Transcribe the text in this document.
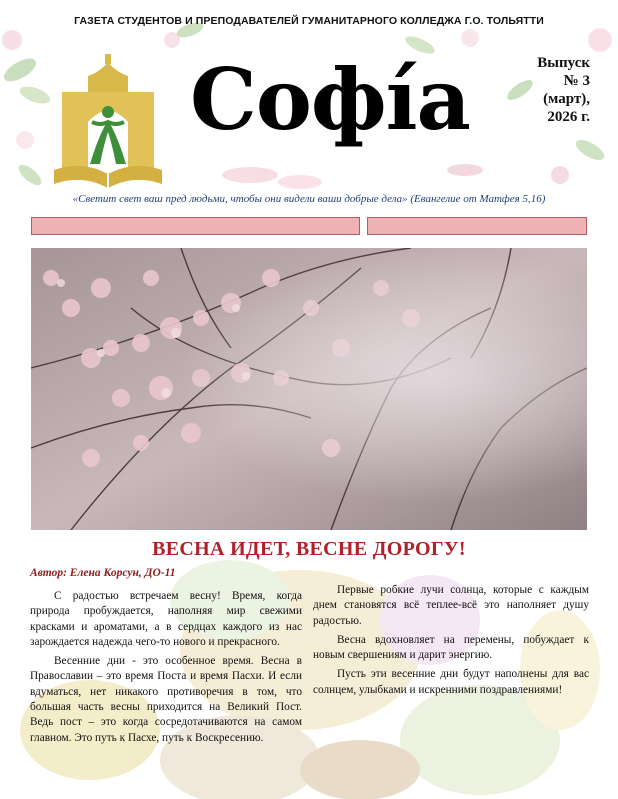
ГАЗЕТА СТУДЕНТОВ И ПРЕПОДАВАТЕЛЕЙ ГУМАНИТАРНОГО КОЛЛЕДЖА Г.О. ТОЛЬЯТТИ
Софíа	Выпуск
№ 3
(март),
2026 г.
«Светит свет ваш пред людьми, чтобы они видели ваши добрые дела» (Евангелие от Матфея 5,16)
ВЕСНА ИДЕТ, ВЕСНЕ ДОРОГУ!
Автор: Елена Корсун, ДО-11

С радостью встречаем весну! Время, когда природа пробуждается, наполняя мир свежими красками и ароматами, а в сердцах каждого из нас зарождается надежда чего-то нового и прекрасного.

Весенние дни - это особенное время. Весна в Православии – это время Поста и время Пасхи. И если вдуматься, нет никакого противоречия в том, что большая часть весны приходится на Великий Пост. Ведь пост – это когда сосредотачиваются на самом главном. Это путь к Пасхе, путь к Воскресению.

Первые робкие лучи солнца, которые с каждым днем становятся всё теплее-всё это наполняет душу радостью.

Весна вдохновляет на перемены, побуждает к новым свершениям и дарит энергию.

Пусть эти весенние дни будут наполнены для вас солнцем, улыбками и искренними поздравлениями!
